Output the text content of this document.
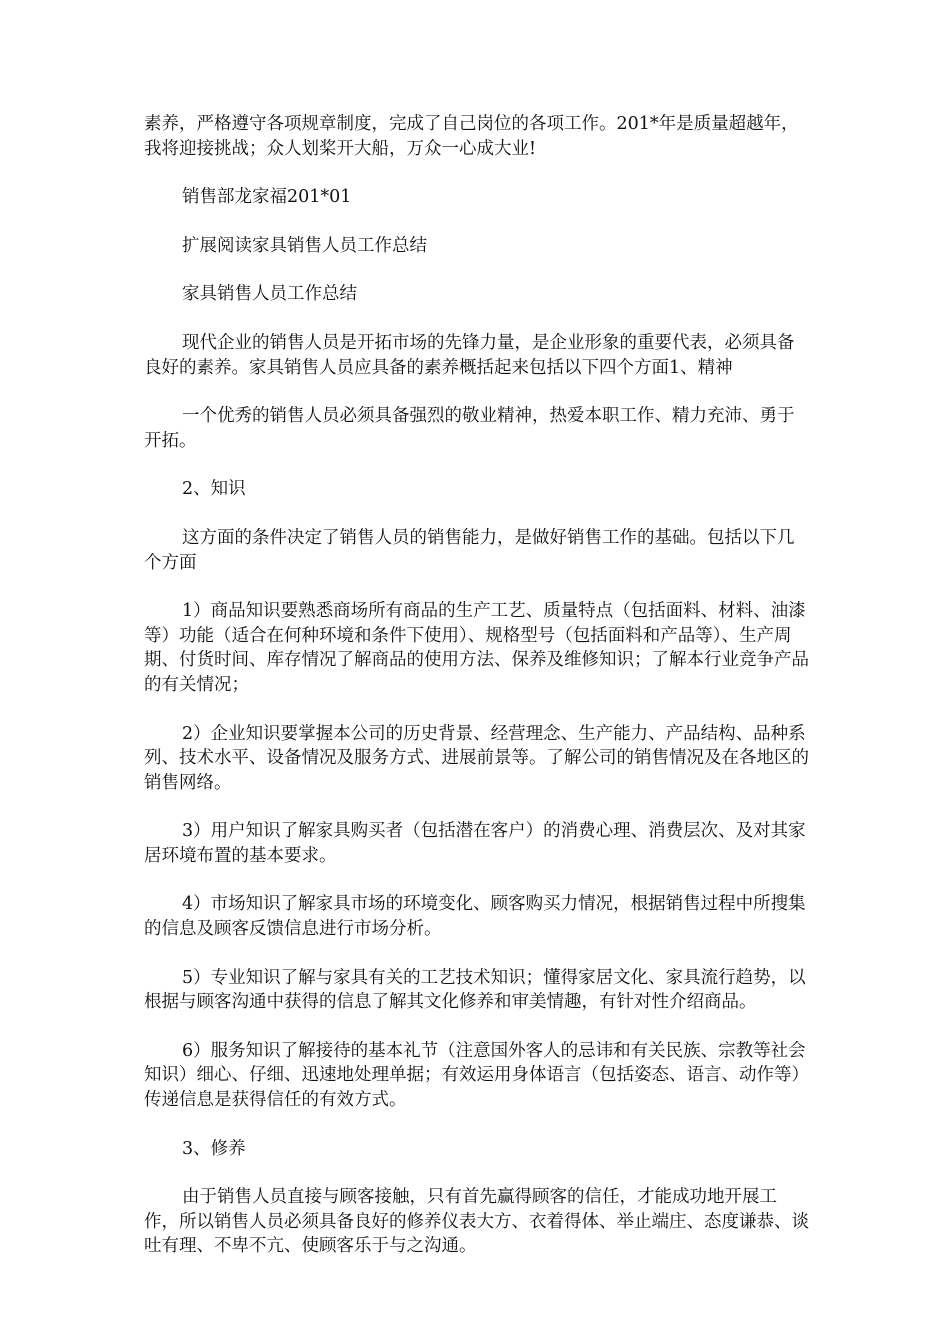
素养，严格遵守各项规章制度，完成了自己岗位的各项工作。201*年是质量超越年，我将迎接挑战；众人划桨开大船，万众一心成大业!

销售部龙家福201*01

扩展阅读家具销售人员工作总结

家具销售人员工作总结

现代企业的销售人员是开拓市场的先锋力量，是企业形象的重要代表，必须具备良好的素养。家具销售人员应具备的素养概括起来包括以下四个方面1、精神

一个优秀的销售人员必须具备强烈的敬业精神，热爱本职工作、精力充沛、勇于开拓。

2、知识

这方面的条件决定了销售人员的销售能力，是做好销售工作的基础。包括以下几个方面

1）商品知识要熟悉商场所有商品的生产工艺、质量特点（包括面料、材料、油漆等）功能（适合在何种环境和条件下使用）、规格型号（包括面料和产品等）、生产周期、付货时间、库存情况了解商品的使用方法、保养及维修知识；了解本行业竞争产品的有关情况；

2）企业知识要掌握本公司的历史背景、经营理念、生产能力、产品结构、品种系列、技术水平、设备情况及服务方式、进展前景等。了解公司的销售情况及在各地区的销售网络。

3）用户知识了解家具购买者（包括潜在客户）的消费心理、消费层次、及对其家居环境布置的基本要求。

4）市场知识了解家具市场的环境变化、顾客购买力情况，根据销售过程中所搜集的信息及顾客反馈信息进行市场分析。

5）专业知识了解与家具有关的工艺技术知识；懂得家居文化、家具流行趋势，以根据与顾客沟通中获得的信息了解其文化修养和审美情趣，有针对性介绍商品。

6）服务知识了解接待的基本礼节（注意国外客人的忌讳和有关民族、宗教等社会知识）细心、仔细、迅速地处理单据；有效运用身体语言（包括姿态、语言、动作等）传递信息是获得信任的有效方式。

3、修养

由于销售人员直接与顾客接触，只有首先赢得顾客的信任，才能成功地开展工作，所以销售人员必须具备良好的修养仪表大方、衣着得体、举止端庄、态度谦恭、谈吐有理、不卑不亢、使顾客乐于与之沟通。
